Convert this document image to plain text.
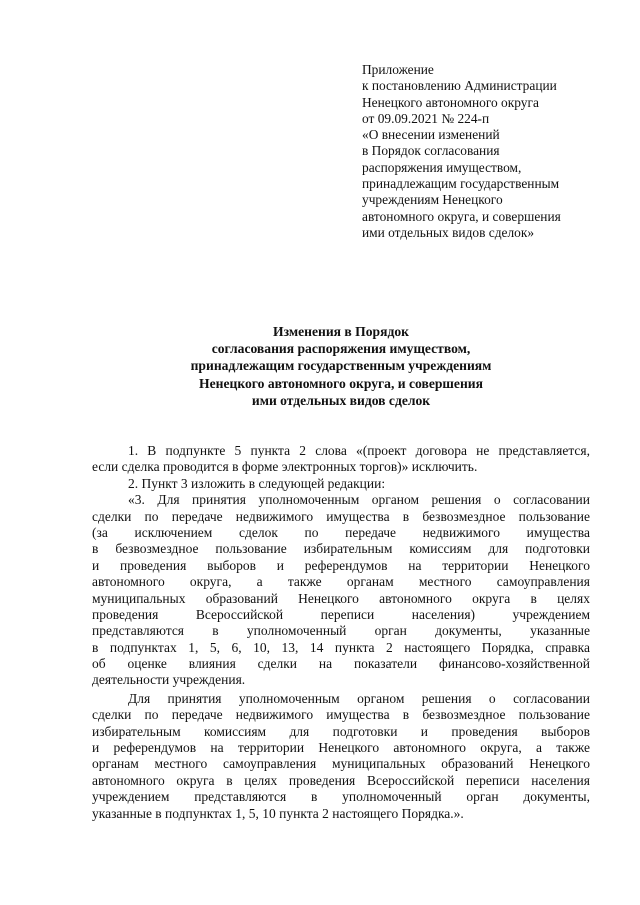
Приложение
к постановлению Администрации
Ненецкого автономного округа
от 09.09.2021 № 224-п
«О внесении изменений
в Порядок согласования
распоряжения имуществом,
принадлежащим государственным
учреждениям Ненецкого
автономного округа, и совершения
ими отдельных видов сделок»
Изменения в Порядок
согласования распоряжения имуществом,
принадлежащим государственным учреждениям
Ненецкого автономного округа, и совершения
ими отдельных видов сделок
1. В подпункте 5 пункта 2 слова «(проект договора не представляется,
если сделка проводится в форме электронных торгов)» исключить.
2. Пункт 3 изложить в следующей редакции:
«3. Для принятия уполномоченным органом решения о согласовании
сделки по передаче недвижимого имущества в безвозмездное пользование
(за исключением сделок по передаче недвижимого имущества
в безвозмездное пользование избирательным комиссиям для подготовки
и проведения выборов и референдумов на территории Ненецкого
автономного округа, а также органам местного самоуправления
муниципальных образований Ненецкого автономного округа в целях
проведения Всероссийской переписи населения) учреждением
представляются в уполномоченный орган документы, указанные
в подпунктах 1, 5, 6, 10, 13, 14 пункта 2 настоящего Порядка, справка
об оценке влияния сделки на показатели финансово-хозяйственной
деятельности учреждения.
Для принятия уполномоченным органом решения о согласовании
сделки по передаче недвижимого имущества в безвозмездное пользование
избирательным комиссиям для подготовки и проведения выборов
и референдумов на территории Ненецкого автономного округа, а также
органам местного самоуправления муниципальных образований Ненецкого
автономного округа в целях проведения Всероссийской переписи населения
учреждением представляются в уполномоченный орган документы,
указанные в подпунктах 1, 5, 10 пункта 2 настоящего Порядка.».
